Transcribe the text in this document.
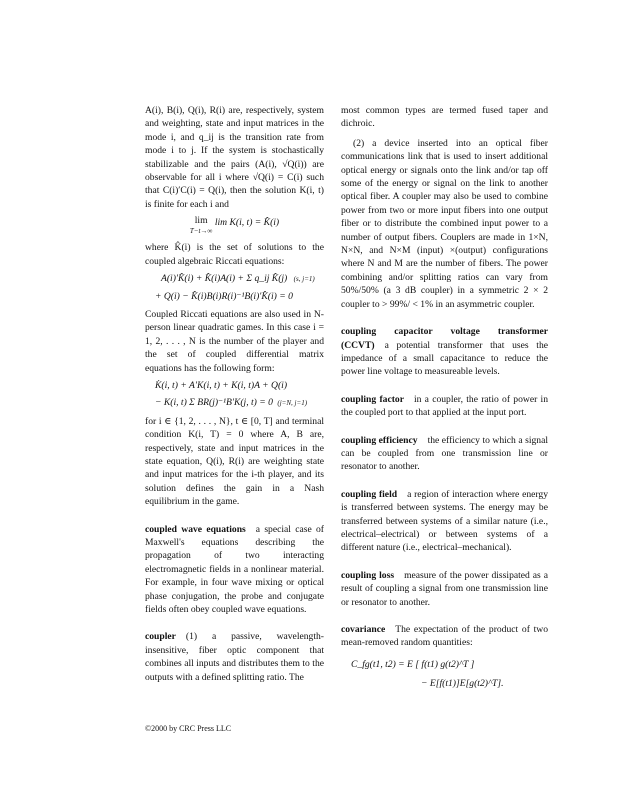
A(i), B(i), Q(i), R(i) are, respectively, system and weighting, state and input matrices in the mode i, and q_ij is the transition rate from mode i to j. If the system is stochastically stabilizable and the pairs (A(i), √Q(i)) are observable for all i where √Q(i) = C(i) such that C(i)′C(i) = Q(i), then the solution K(i, t) is finite for each i and

lim
T−t→∞ lim K(i, t) = K̂(i)

where K̂(i) is the set of solutions to the coupled algebraic Riccati equations:

A(i)′K̂(i) + K̂(i)A(i) + Σ q_ij K̂(j) (s, j=1)
+ Q(i) − K̂(i)B(i)R(i)⁻¹B(i)′K̂(i) = 0

Coupled Riccati equations are also used in N-person linear quadratic games. In this case i = 1, 2, . . . , N is the number of the player and the set of coupled differential matrix equations has the following form:

K̇(i, t) + A′K(i, t) + K(i, t)A + Q(i)
− K(i, t) Σ BR(j)⁻¹B′K(j, t) = 0 (j=N, j=1)

for i ∈ {1, 2, . . . , N}, t ∈ [0, T] and terminal condition K(i, T) = 0 where A, B are, respectively, state and input matrices in the state equation, Q(i), R(i) are weighting state and input matrices for the i-th player, and its solution defines the gain in a Nash equilibrium in the game.

coupled wave equations a special case of Maxwell's equations describing the propagation of two interacting electromagnetic fields in a nonlinear material. For example, in four wave mixing or optical phase conjugation, the probe and conjugate fields often obey coupled wave equations.

coupler (1) a passive, wavelength-insensitive, fiber optic component that combines all inputs and distributes them to the outputs with a defined splitting ratio. The

most common types are termed fused taper and dichroic.

(2) a device inserted into an optical fiber communications link that is used to insert additional optical energy or signals onto the link and/or tap off some of the energy or signal on the link to another optical fiber. A coupler may also be used to combine power from two or more input fibers into one output fiber or to distribute the combined input power to a number of output fibers. Couplers are made in 1×N, N×N, and N×M (input) ×(output) configurations where N and M are the number of fibers. The power combining and/or splitting ratios can vary from 50%/50% (a 3 dB coupler) in a symmetric 2 × 2 coupler to > 99%/ < 1% in an asymmetric coupler.

coupling capacitor voltage transformer (CCVT) a potential transformer that uses the impedance of a small capacitance to reduce the power line voltage to measureable levels.

coupling factor in a coupler, the ratio of power in the coupled port to that applied at the input port.

coupling efficiency the efficiency to which a signal can be coupled from one transmission line or resonator to another.

coupling field a region of interaction where energy is transferred between systems. The energy may be transferred between systems of a similar nature (i.e., electrical–electrical) or between systems of a different nature (i.e., electrical–mechanical).

coupling loss measure of the power dissipated as a result of coupling a signal from one transmission line or resonator to another.

covariance The expectation of the product of two mean-removed random quantities:

C_fg(t1, t2) = E [ f(t1) g(t2)^T ]
− E[f(t1)]E[g(t2)^T].
©2000 by CRC Press LLC
